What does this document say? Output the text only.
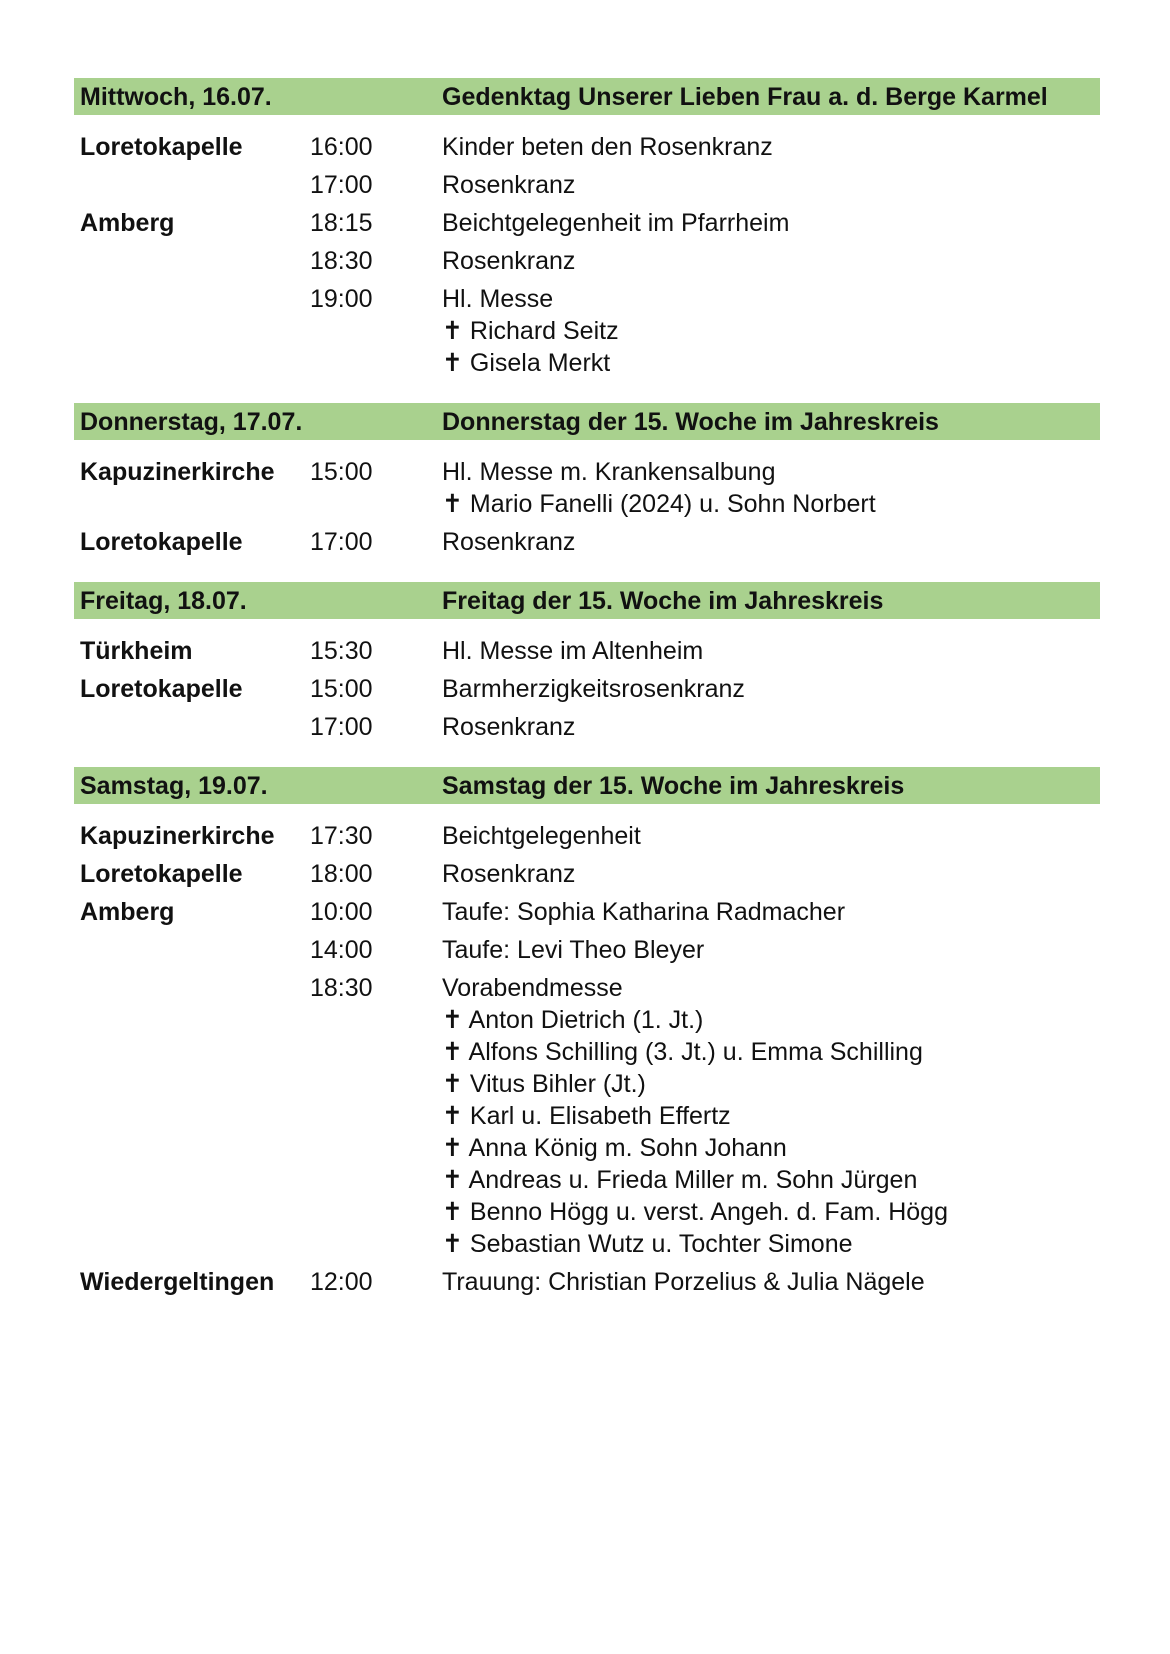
Mittwoch, 16.07.	Gedenktag Unserer Lieben Frau a. d. Berge Karmel
Loretokapelle	16:00	Kinder beten den Rosenkranz
17:00	Rosenkranz
Amberg	18:15	Beichtgelegenheit im Pfarrheim
18:30	Rosenkranz
19:00	Hl. Messe
✝ Richard Seitz
✝ Gisela Merkt
Donnerstag, 17.07.	Donnerstag der 15. Woche im Jahreskreis
Kapuzinerkirche	15:00	Hl. Messe m. Krankensalbung
✝ Mario Fanelli (2024) u. Sohn Norbert
Loretokapelle	17:00	Rosenkranz
Freitag, 18.07.	Freitag der 15. Woche im Jahreskreis
Türkheim	15:30	Hl. Messe im Altenheim
Loretokapelle	15:00	Barmherzigkeitsrosenkranz
17:00	Rosenkranz
Samstag, 19.07.	Samstag der 15. Woche im Jahreskreis
Kapuzinerkirche	17:30	Beichtgelegenheit
Loretokapelle	18:00	Rosenkranz
Amberg	10:00	Taufe: Sophia Katharina Radmacher
14:00	Taufe: Levi Theo Bleyer
18:30	Vorabendmesse
✝ Anton Dietrich (1. Jt.)
✝ Alfons Schilling (3. Jt.) u. Emma Schilling
✝ Vitus Bihler (Jt.)
✝ Karl u. Elisabeth Effertz
✝ Anna König m. Sohn Johann
✝ Andreas u. Frieda Miller m. Sohn Jürgen
✝ Benno Högg u. verst. Angeh. d. Fam. Högg
✝ Sebastian Wutz u. Tochter Simone
Wiedergeltingen	12:00	Trauung: Christian Porzelius & Julia Nägele
